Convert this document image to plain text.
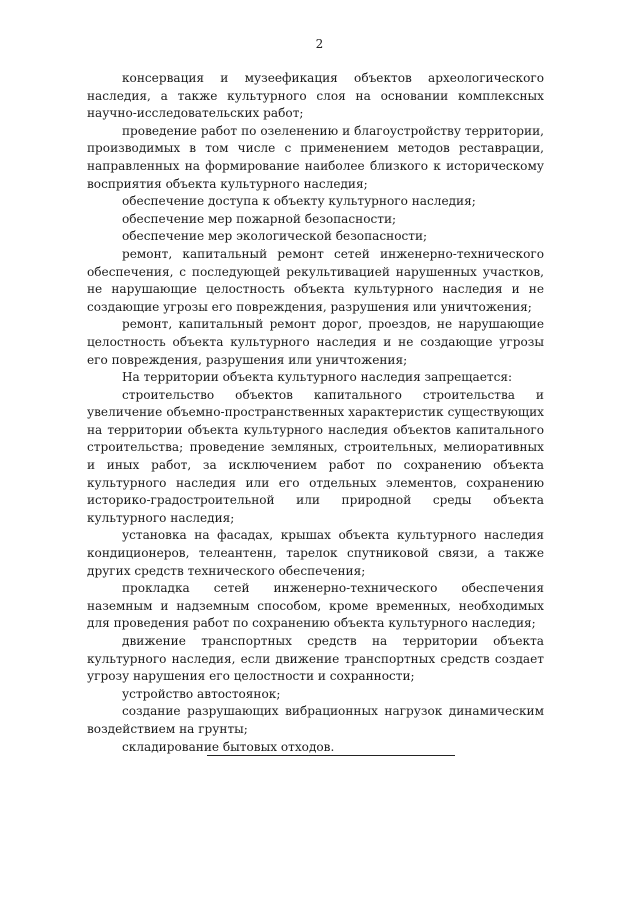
2

консервация и музеефикация объектов археологического наследия, а также культурного слоя на основании комплексных научно-исследовательских работ;

проведение работ по озеленению и благоустройству территории, производимых в том числе с применением методов реставрации, направленных на формирование наиболее близкого к историческому восприятия объекта культурного наследия;

обеспечение доступа к объекту культурного наследия;

обеспечение мер пожарной безопасности;

обеспечение мер экологической безопасности;

ремонт, капитальный ремонт сетей инженерно-технического обеспечения, с последующей рекультивацией нарушенных участков, не нарушающие целостность объекта культурного наследия и не создающие угрозы его повреждения, разрушения или уничтожения;

ремонт, капитальный ремонт дорог, проездов, не нарушающие целостность объекта культурного наследия и не создающие угрозы его повреждения, разрушения или уничтожения;

На территории объекта культурного наследия запрещается:

строительство объектов капитального строительства и увеличение объемно-пространственных характеристик существующих на территории объекта культурного наследия объектов капитального строительства; проведение земляных, строительных, мелиоративных и иных работ, за исключением работ по сохранению объекта культурного наследия или его отдельных элементов, сохранению историко-градостроительной или природной среды объекта культурного наследия;

установка на фасадах, крышах объекта культурного наследия кондиционеров, телеантенн, тарелок спутниковой связи, а также других средств технического обеспечения;

прокладка сетей инженерно-технического обеспечения наземным и надземным способом, кроме временных, необходимых для проведения работ по сохранению объекта культурного наследия;

движение транспортных средств на территории объекта культурного наследия, если движение транспортных средств создает угрозу нарушения его целостности и сохранности;

устройство автостоянок;

создание разрушающих вибрационных нагрузок динамическим воздействием на грунты;

складирование бытовых отходов.
